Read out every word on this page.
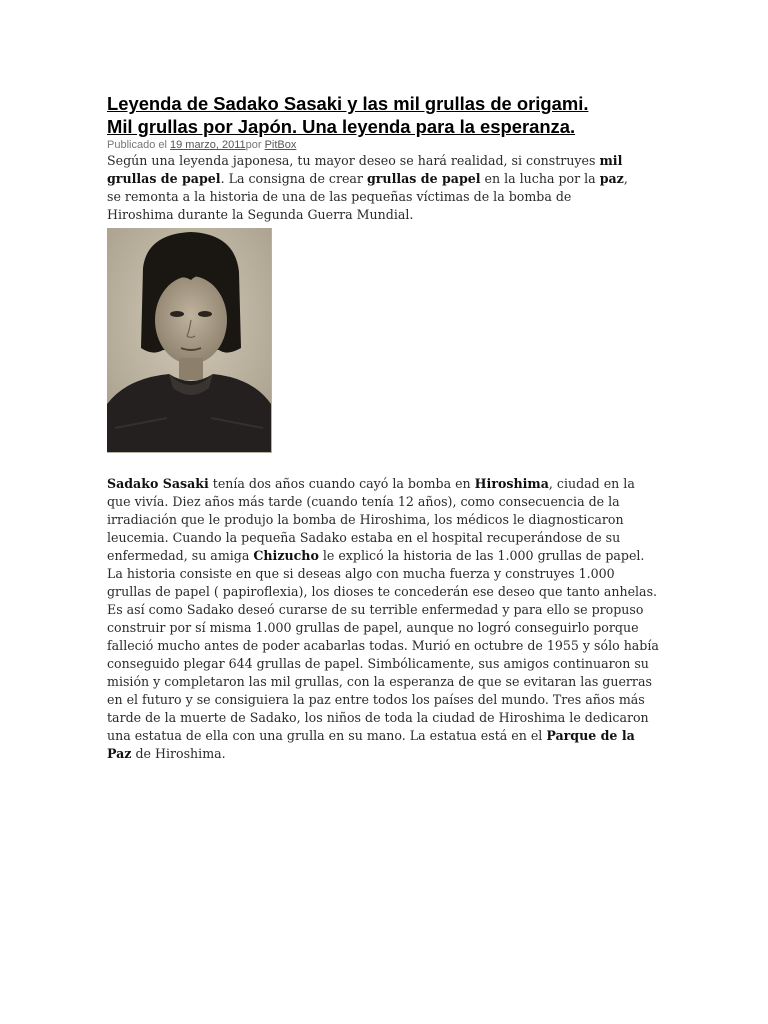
Leyenda de Sadako Sasaki y las mil grullas de origami.
Mil grullas por Japón. Una leyenda para la esperanza.
Publicado el 19 marzo, 2011por PitBox
Según una leyenda japonesa, tu mayor deseo se hará realidad, si construyes mil grullas de papel. La consigna de crear grullas de papel en la lucha por la paz, se remonta a la historia de una de las pequeñas víctimas de la bomba de Hiroshima durante la Segunda Guerra Mundial.

Sadako Sasaki tenía dos años cuando cayó la bomba en Hiroshima, ciudad en la que vivía. Diez años más tarde (cuando tenía 12 años), como consecuencia de la irradiación que le produjo la bomba de Hiroshima, los médicos le diagnosticaron leucemia. Cuando la pequeña Sadako estaba en el hospital recuperándose de su enfermedad, su amiga Chizucho le explicó la historia de las 1.000 grullas de papel. La historia consiste en que si deseas algo con mucha fuerza y construyes 1.000 grullas de papel ( papiroflexia), los dioses te concederán ese deseo que tanto anhelas.

Es así como Sadako deseó curarse de su terrible enfermedad y para ello se propuso construir por sí misma 1.000 grullas de papel, aunque no logró conseguirlo porque falleció mucho antes de poder acabarlas todas. Murió en octubre de 1955 y sólo había conseguido plegar 644 grullas de papel. Simbólicamente, sus amigos continuaron su misión y completaron las mil grullas, con la esperanza de que se evitaran las guerras en el futuro y se consiguiera la paz entre todos los países del mundo. Tres años más tarde de la muerte de Sadako, los niños de toda la ciudad de Hiroshima le dedicaron una estatua de ella con una grulla en su mano. La estatua está en el Parque de la Paz de Hiroshima.
